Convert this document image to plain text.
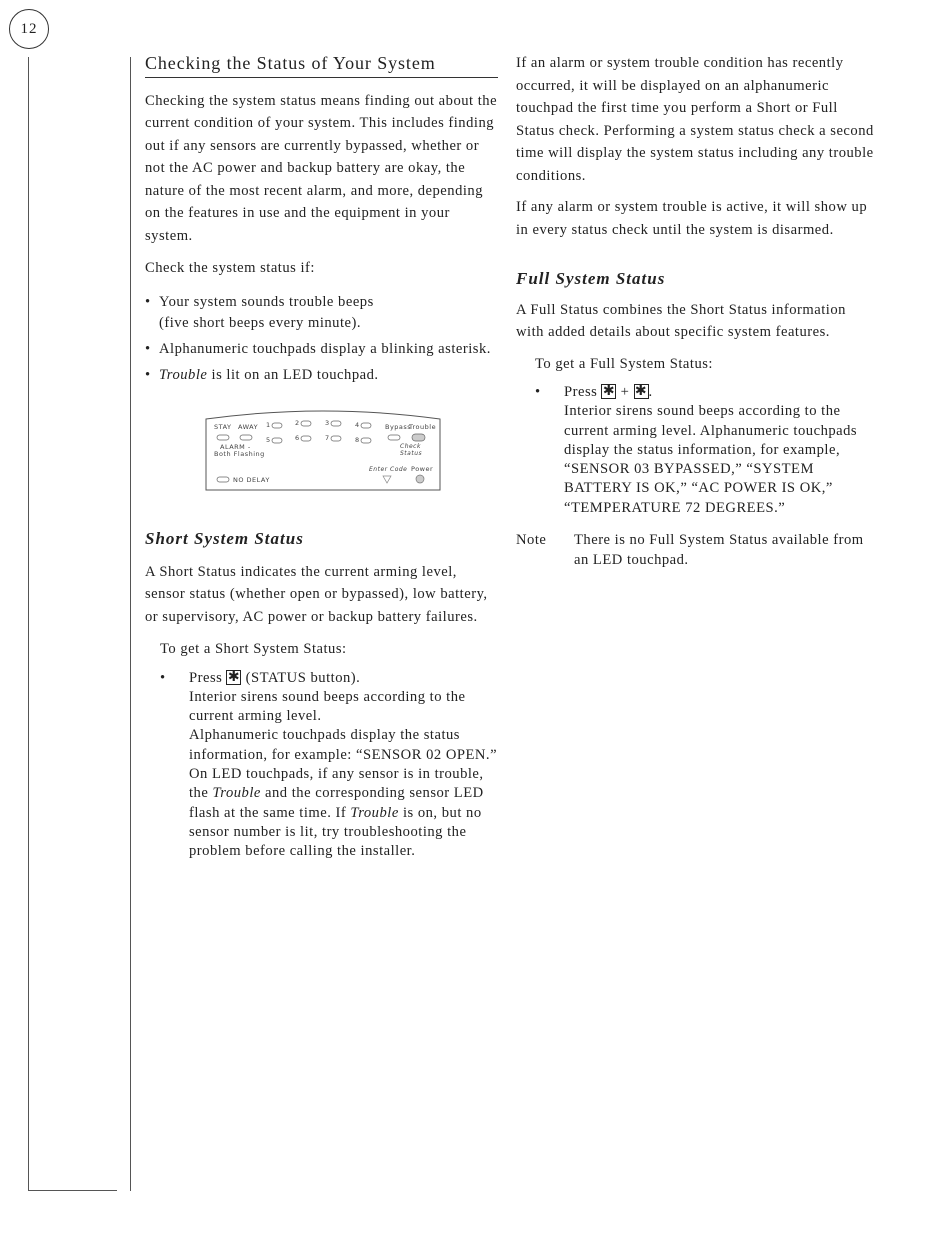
12
Checking the Status of Your System

Checking the system status means finding out about the current condition of your system. This includes finding out if any sensors are currently bypassed, whether or not the AC power and backup battery are okay, the nature of the most recent alarm, and more, depending on the features in use and the equipment in your system.

Check the system status if:

• Your system sounds trouble beeps
(five short beeps every minute).
• Alphanumeric touchpads display a blinking asterisk.
• Trouble is lit on an LED touchpad.
STAY AWAY 1	2	3	4
5	6	7	8
Bypass
Trouble
ALARM -
Both Flashing
Check
Status
Enter Code Power
NO DELAY
Short System Status

A Short Status indicates the current arming level, sensor status (whether open or bypassed), low battery, or supervisory, AC power or backup battery failures.

To get a Short System Status:

•	Press ✱ (STATUS button).
Interior sirens sound beeps according to the current arming level.
Alphanumeric touchpads display the status information, for example: “SENSOR 02 OPEN.”
On LED touchpads, if any sensor is in trouble, the Trouble and the corresponding sensor LED flash at the same time. If Trouble is on, but no sensor number is lit, try troubleshooting the problem before calling the installer.

If an alarm or system trouble condition has recently occurred, it will be displayed on an alphanumeric touchpad the first time you perform a Short or Full Status check. Performing a system status check a second time will display the system status including any trouble conditions.

If any alarm or system trouble is active, it will show up in every status check until the system is disarmed.

Full System Status

A Full Status combines the Short Status information with added details about specific system features.

To get a Full System Status:

•	Press ✱ + ✱.
Interior sirens sound beeps according to the current arming level. Alphanumeric touchpads display the status information, for example, “SENSOR 03 BYPASSED,” “SYSTEM BATTERY IS OK,” “AC POWER IS OK,” “TEMPERATURE 72 DEGREES.”
Note	There is no Full System Status available from an LED touchpad.
